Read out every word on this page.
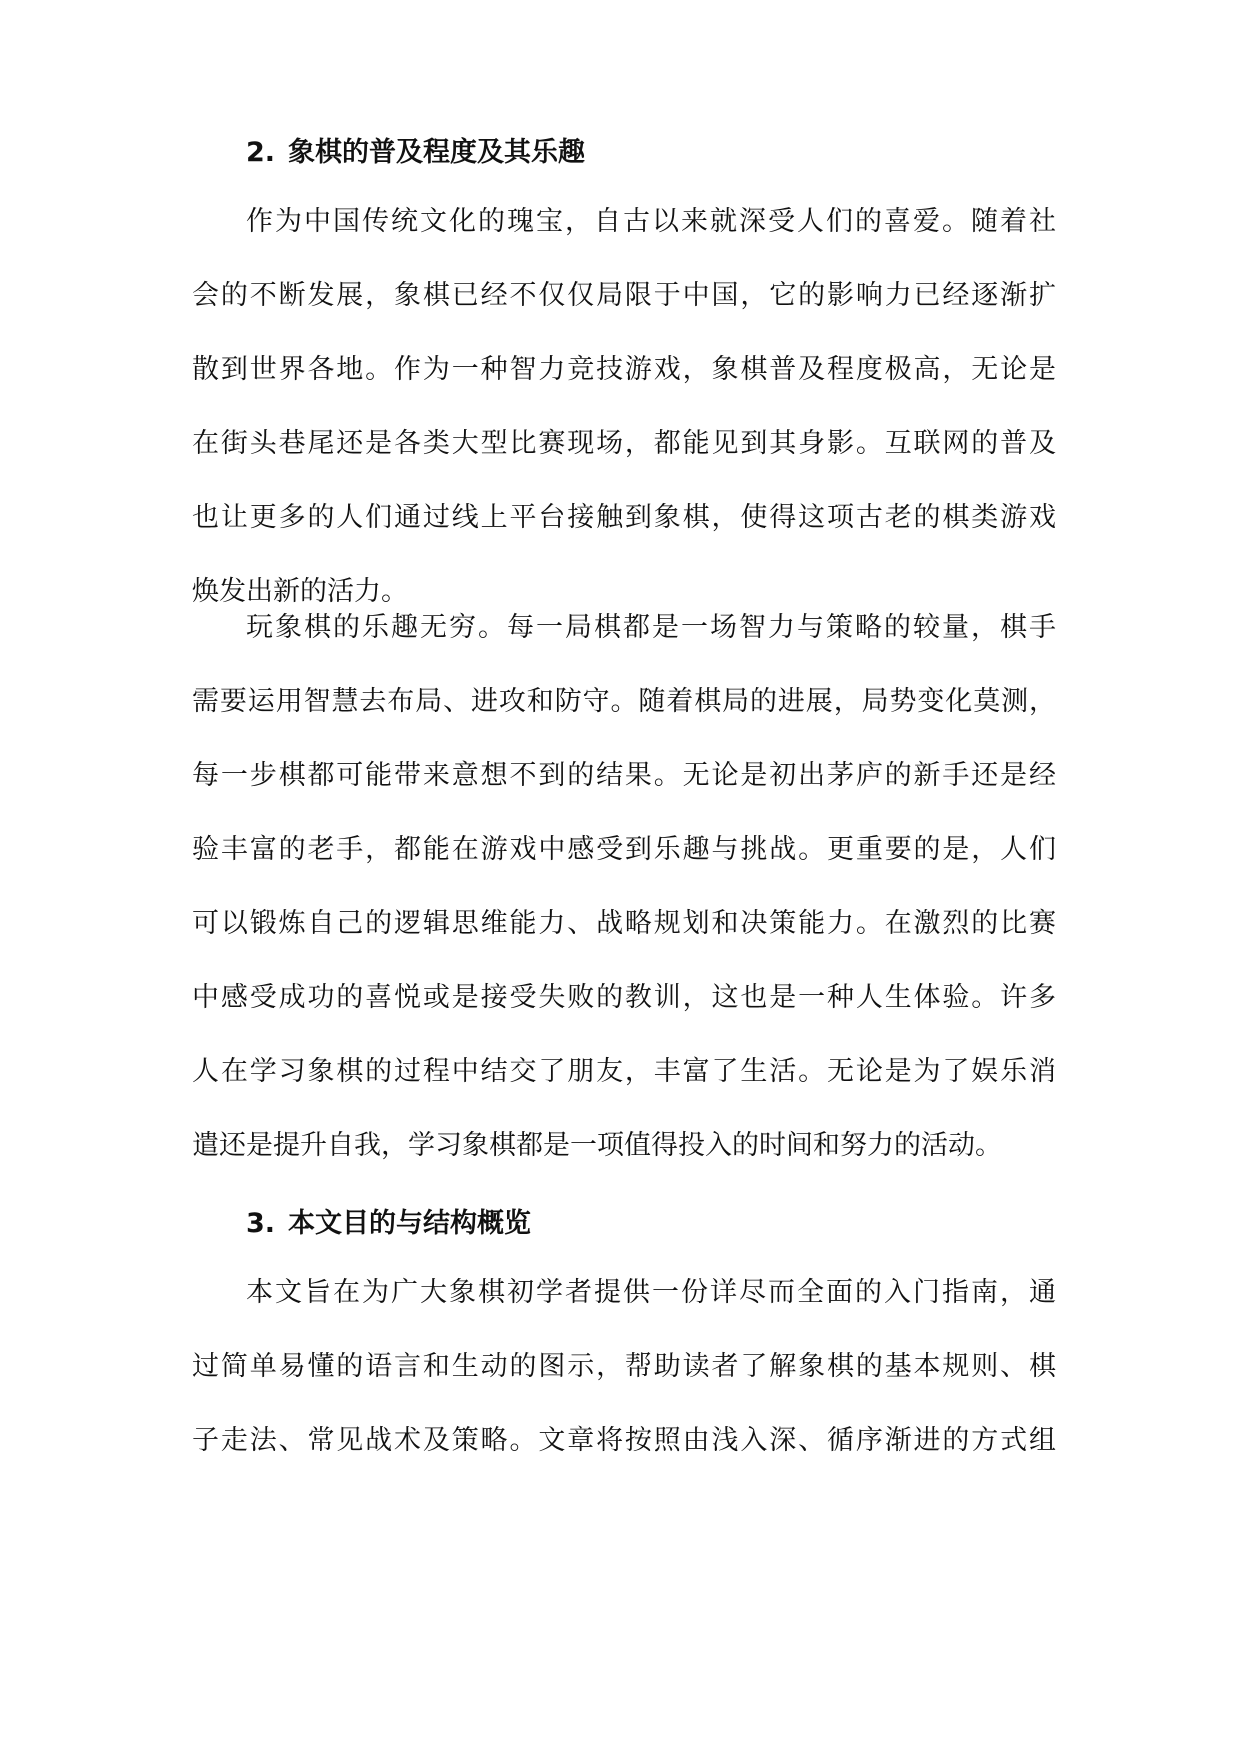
2. 象棋的普及程度及其乐趣

作为中国传统文化的瑰宝，自古以来就深受人们的喜爱。随着社
会的不断发展，象棋已经不仅仅局限于中国，它的影响力已经逐渐扩
散到世界各地。作为一种智力竞技游戏，象棋普及程度极高，无论是
在街头巷尾还是各类大型比赛现场，都能见到其身影。互联网的普及
也让更多的人们通过线上平台接触到象棋，使得这项古老的棋类游戏
焕发出新的活力。

玩象棋的乐趣无穷。每一局棋都是一场智力与策略的较量，棋手
需要运用智慧去布局、进攻和防守。随着棋局的进展，局势变化莫测，
每一步棋都可能带来意想不到的结果。无论是初出茅庐的新手还是经
验丰富的老手，都能在游戏中感受到乐趣与挑战。更重要的是，人们
可以锻炼自己的逻辑思维能力、战略规划和决策能力。在激烈的比赛
中感受成功的喜悦或是接受失败的教训，这也是一种人生体验。许多
人在学习象棋的过程中结交了朋友，丰富了生活。无论是为了娱乐消
遣还是提升自我，学习象棋都是一项值得投入的时间和努力的活动。

3. 本文目的与结构概览

本文旨在为广大象棋初学者提供一份详尽而全面的入门指南，通
过简单易懂的语言和生动的图示，帮助读者了解象棋的基本规则、棋
子走法、常见战术及策略。文章将按照由浅入深、循序渐进的方式组
